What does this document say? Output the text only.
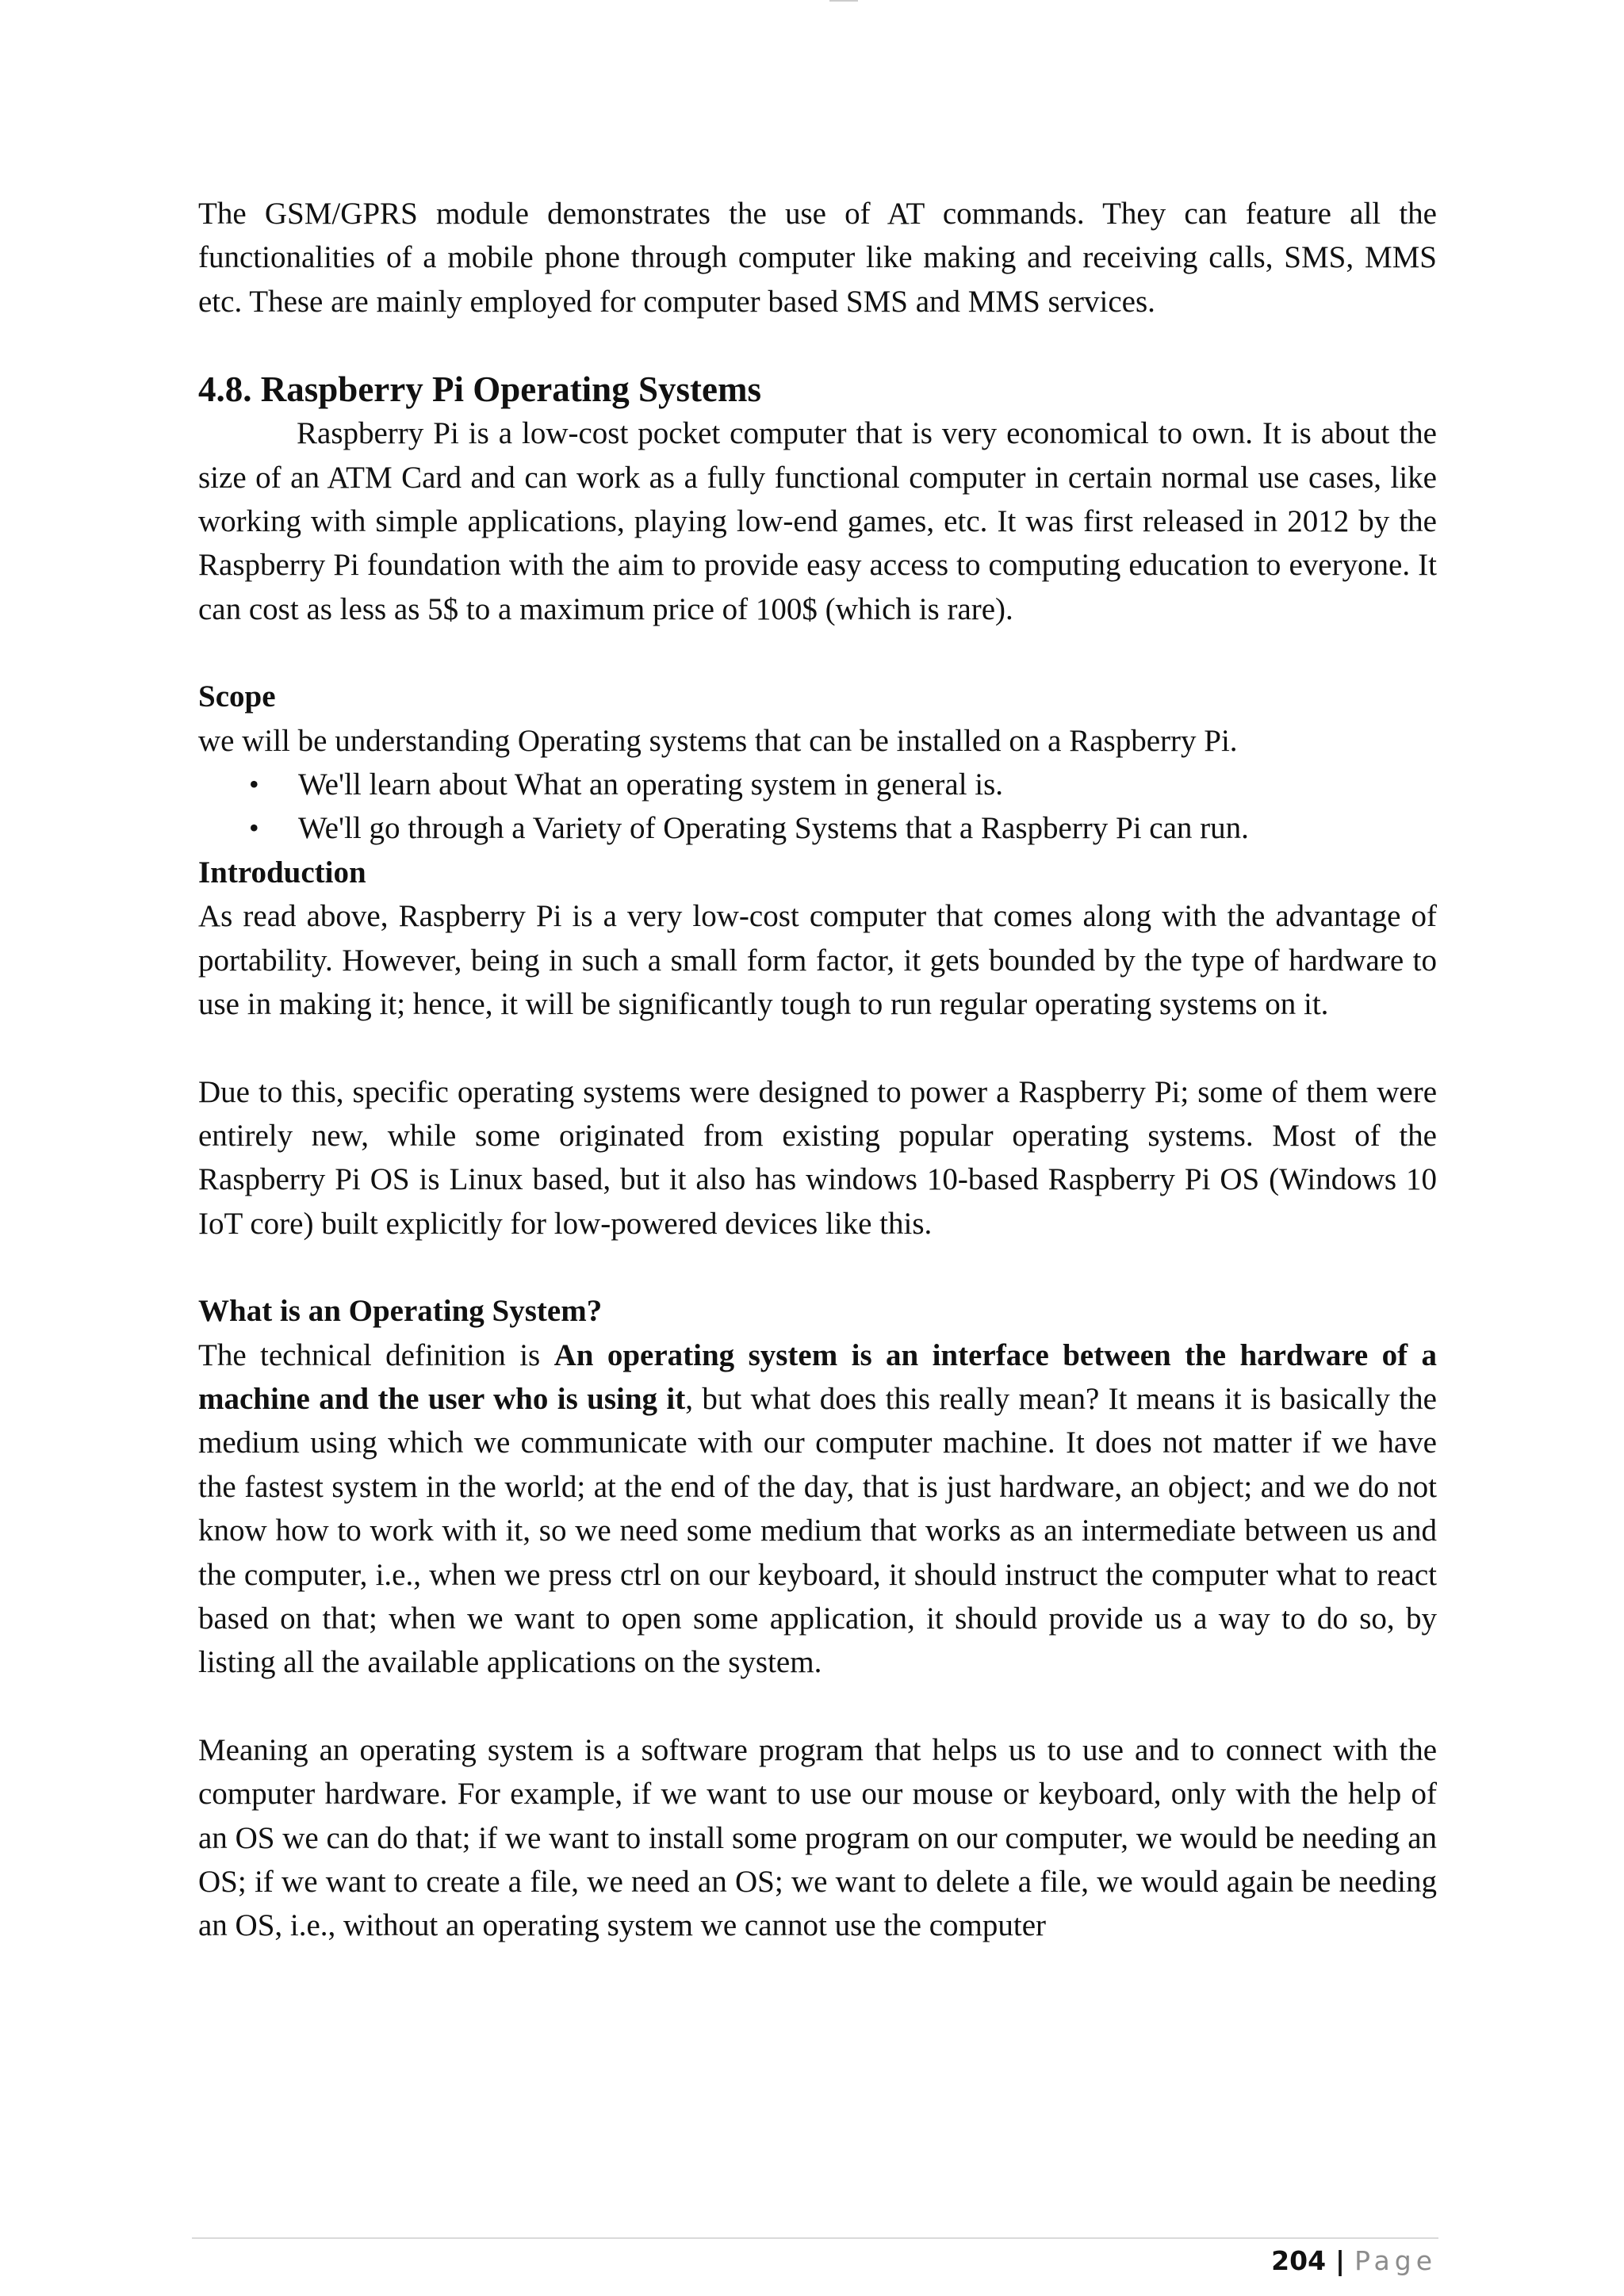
The GSM/GPRS module demonstrates the use of AT commands. They can feature all the functionalities of a mobile phone through computer like making and receiving calls, SMS, MMS etc. These are mainly employed for computer based SMS and MMS services.

4.8. Raspberry Pi Operating Systems

Raspberry Pi is a low-cost pocket computer that is very economical to own. It is about the size of an ATM Card and can work as a fully functional computer in certain normal use cases, like working with simple applications, playing low-end games, etc. It was first released in 2012 by the Raspberry Pi foundation with the aim to provide easy access to computing education to everyone. It can cost as less as 5$ to a maximum price of 100$ (which is rare).

Scope

we will be understanding Operating systems that can be installed on a Raspberry Pi.

• We'll learn about What an operating system in general is.
• We'll go through a Variety of Operating Systems that a Raspberry Pi can run.

Introduction

As read above, Raspberry Pi is a very low-cost computer that comes along with the advantage of portability. However, being in such a small form factor, it gets bounded by the type of hardware to use in making it; hence, it will be significantly tough to run regular operating systems on it.

Due to this, specific operating systems were designed to power a Raspberry Pi; some of them were entirely new, while some originated from existing popular operating systems. Most of the Raspberry Pi OS is Linux based, but it also has windows 10-based Raspberry Pi OS (Windows 10 IoT core) built explicitly for low-powered devices like this.

What is an Operating System?

The technical definition is An operating system is an interface between the hardware of a machine and the user who is using it, but what does this really mean? It means it is basically the medium using which we communicate with our computer machine. It does not matter if we have the fastest system in the world; at the end of the day, that is just hardware, an object; and we do not know how to work with it, so we need some medium that works as an intermediate between us and the computer, i.e., when we press ctrl on our keyboard, it should instruct the computer what to react based on that; when we want to open some application, it should provide us a way to do so, by listing all the available applications on the system.

Meaning an operating system is a software program that helps us to use and to connect with the computer hardware. For example, if we want to use our mouse or keyboard, only with the help of an OS we can do that; if we want to install some program on our computer, we would be needing an OS; if we want to create a file, we need an OS; we want to delete a file, we would again be needing an OS, i.e., without an operating system we cannot use the computer

204 | Page
